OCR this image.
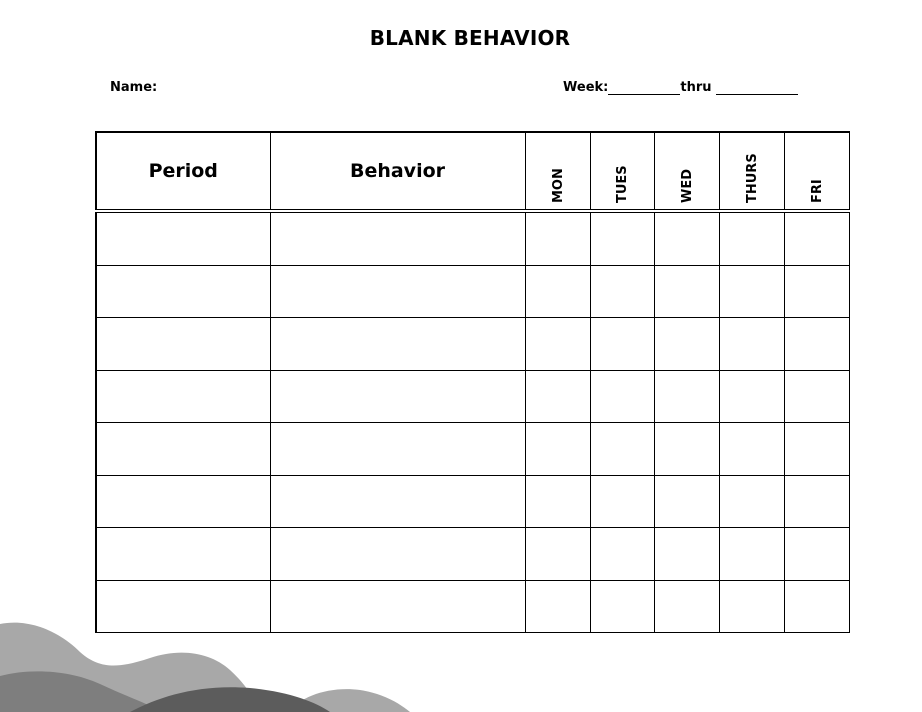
BLANK BEHAVIOR
Name:	Week:	thru
Period	Behavior	MON	TUES	WED	THURS	FRI
